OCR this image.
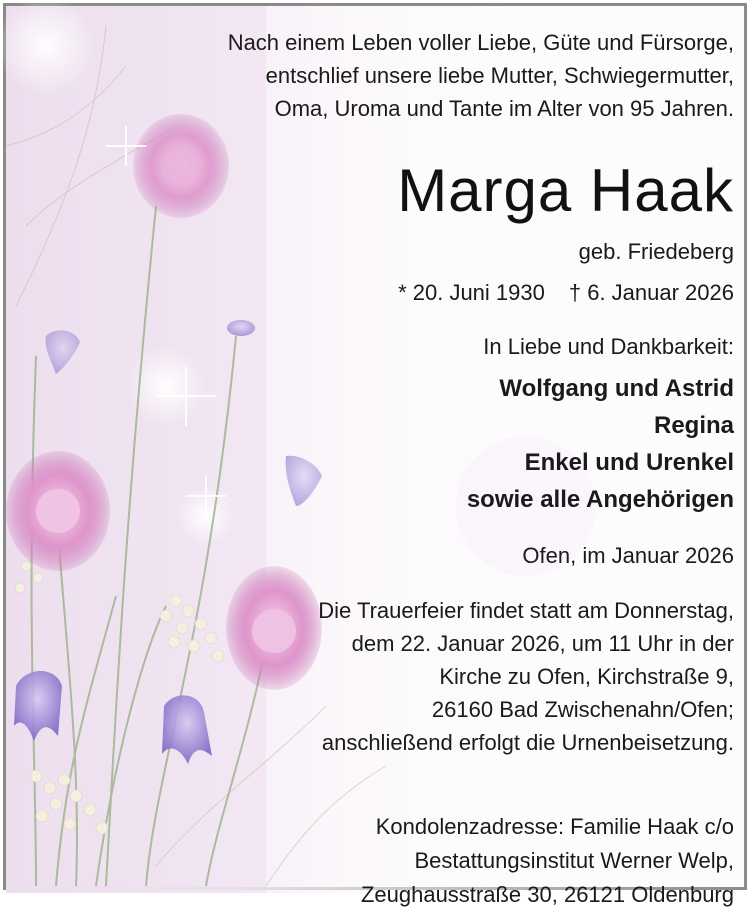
Nach einem Leben voller Liebe, Güte und Fürsorge,
entschlief unsere liebe Mutter, Schwiegermutter,
Oma, Uroma und Tante im Alter von 95 Jahren.
Marga Haak
geb. Friedeberg
* 20. Juni 1930 † 6. Januar 2026
In Liebe und Dankbarkeit:
Wolfgang und Astrid
Regina
Enkel und Urenkel
sowie alle Angehörigen
Ofen, im Januar 2026
Die Trauerfeier findet statt am Donnerstag,
dem 22. Januar 2026, um 11 Uhr in der
Kirche zu Ofen, Kirchstraße 9,
26160 Bad Zwischenahn/Ofen;
anschließend erfolgt die Urnenbeisetzung.
Kondolenzadresse: Familie Haak c/o
Bestattungsinstitut Werner Welp,
Zeughausstraße 30, 26121 Oldenburg
